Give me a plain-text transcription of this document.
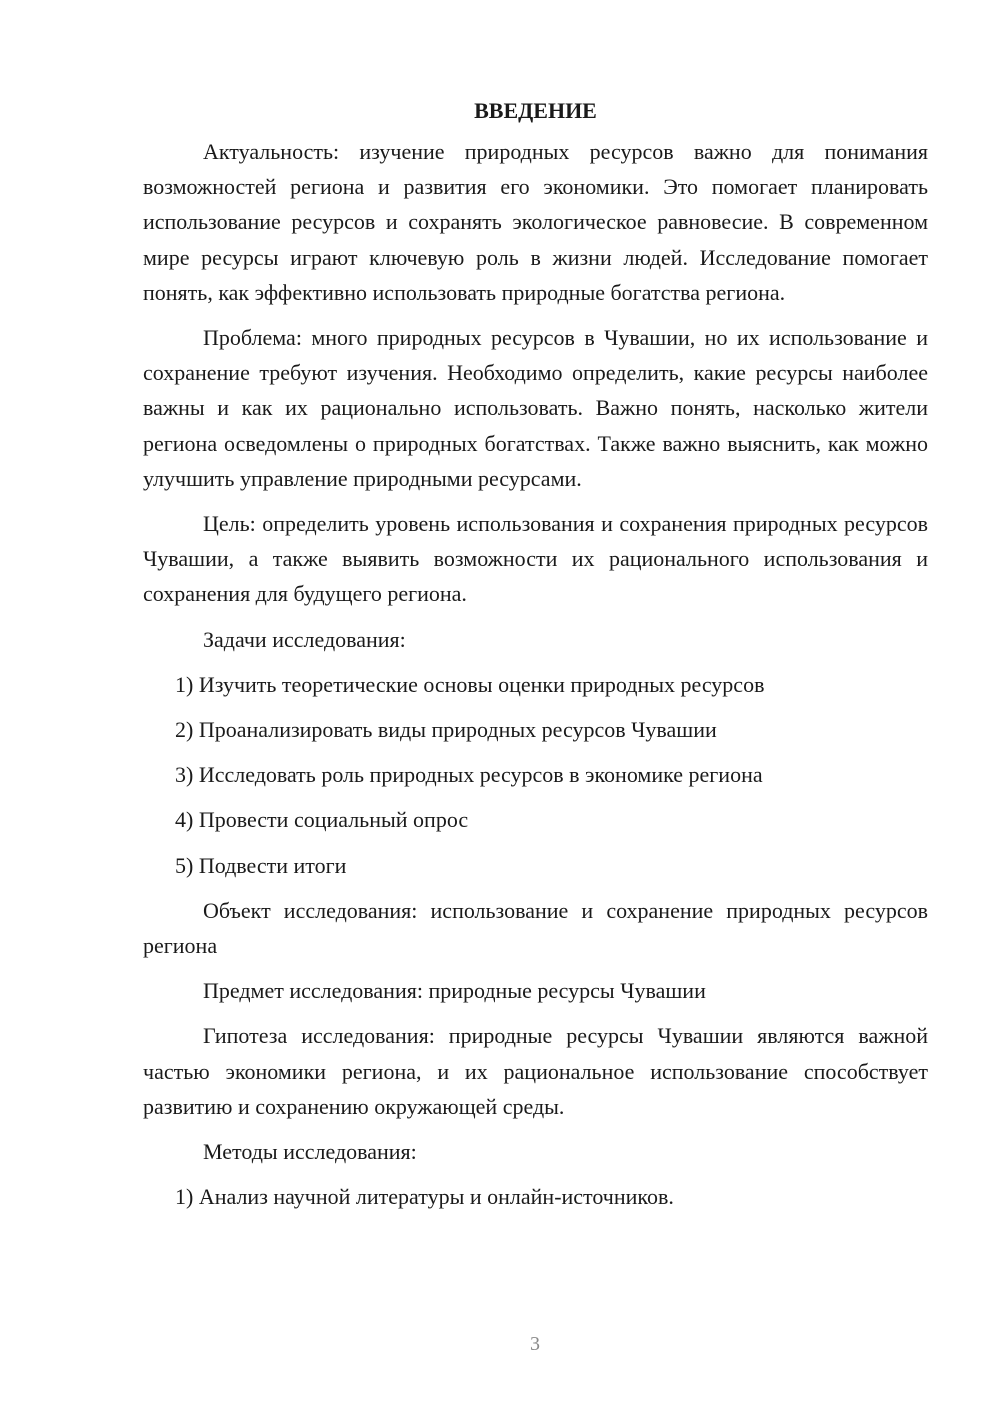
ВВЕДЕНИЕ

Актуальность: изучение природных ресурсов важно для понимания возможностей региона и развития его экономики. Это помогает планировать использование ресурсов и сохранять экологическое равновесие. В современном мире ресурсы играют ключевую роль в жизни людей. Исследование помогает понять, как эффективно использовать природные богатства региона.

Проблема: много природных ресурсов в Чувашии, но их использование и сохранение требуют изучения. Необходимо определить, какие ресурсы наиболее важны и как их рационально использовать. Важно понять, насколько жители региона осведомлены о природных богатствах. Также важно выяснить, как можно улучшить управление природными ресурсами.

Цель: определить уровень использования и сохранения природных ресурсов Чувашии, а также выявить возможности их рационального использования и сохранения для будущего региона.

Задачи исследования:

1) Изучить теоретические основы оценки природных ресурсов

2) Проанализировать виды природных ресурсов Чувашии

3) Исследовать роль природных ресурсов в экономике региона

4) Провести социальный опрос

5) Подвести итоги

Объект исследования: использование и сохранение природных ресурсов региона

Предмет исследования: природные ресурсы Чувашии

Гипотеза исследования: природные ресурсы Чувашии являются важной частью экономики региона, и их рациональное использование способствует развитию и сохранению окружающей среды.

Методы исследования:

1) Анализ научной литературы и онлайн-источников.

3
